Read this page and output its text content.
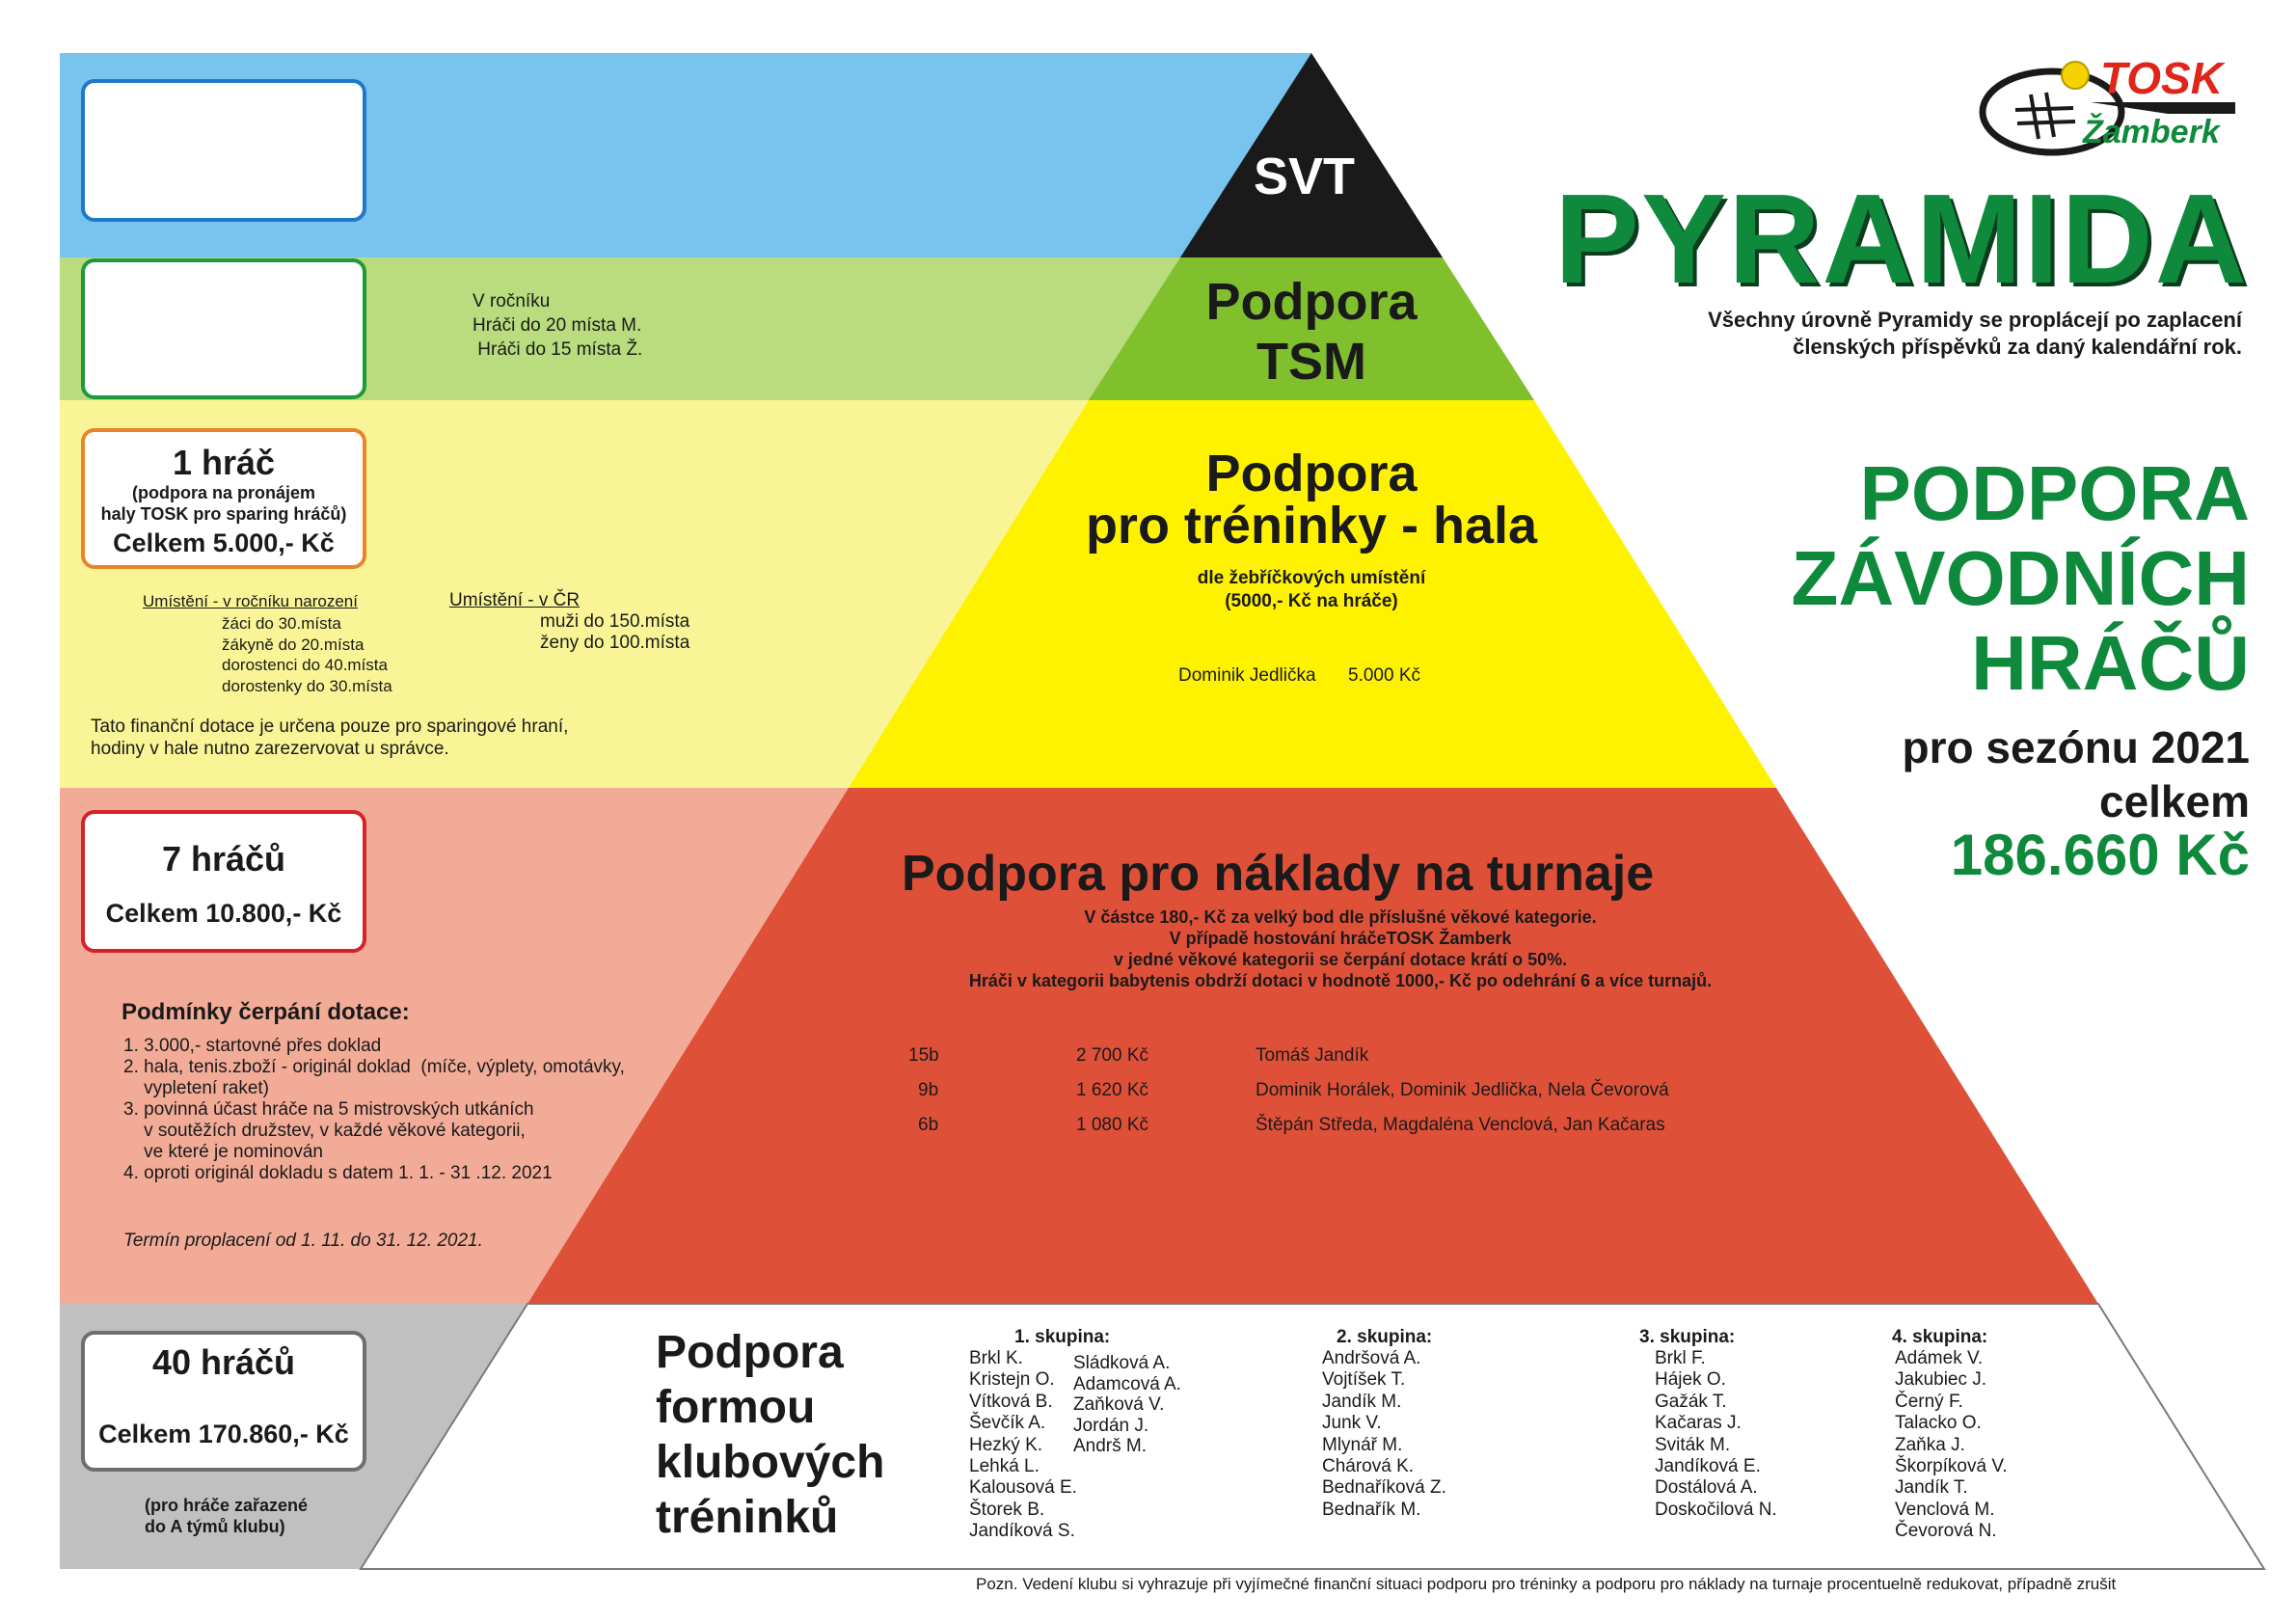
TOSK
Žamberk
PYRAMIDA
Všechny úrovně Pyramidy se proplácejí po zaplacení
členských příspěvků za daný kalendářní rok.
PODPORA
ZÁVODNÍCH
HRÁČŮ
pro sezónu 2021
celkem
186.660 Kč
SVT
Podpora
TSM
Podpora
pro tréninky - hala
dle žebříčkových umístění
(5000,- Kč na hráče)
Dominik Jedlička 5.000 Kč
Podpora pro náklady na turnaje
V částce 180,- Kč za velký bod dle příslušné věkové kategorie.
V případě hostování hráčeTOSK Žamberk
v jedné věkové kategorii se čerpání dotace krátí o 50%.
Hráči v kategorii babytenis obdrží dotaci v hodnotě 1000,- Kč po odehrání 6 a více turnajů.
15b	2 700 Kč	Tomáš Jandík
9b	1 620 Kč	Dominik Horálek, Dominik Jedlička, Nela Čevorová
6b	1 080 Kč	Štěpán Středa, Magdaléna Venclová, Jan Kačaras
Podpora
formou
klubových
tréninků
1. skupina:
Brkl K.
Kristejn O.
Vítková B.
Ševčík A.
Hezký K.
Lehká L.
Kalousová E.
Štorek B.
Jandíková S.
Sládková A.
Adamcová A.
Zaňková V.
Jordán J.
Andrš M.
2. skupina:
Andršová A.
Vojtíšek T.
Jandík M.
Junk V.
Mlynář M.
Chárová K.
Bednaříková Z.
Bednařík M.
3. skupina:
Brkl F.
Hájek O.
Gažák T.
Kačaras J.
Sviták M.
Jandíková E.
Dostálová A.
Doskočilová N.
4. skupina:
Adámek V.
Jakubiec J.
Černý F.
Talacko O.
Zaňka J.
Škorpíková V.
Jandík T.
Venclová M.
Čevorová N.
V ročníku
Hráči do 20 místa M.
Hráči do 15 místa Ž.
1 hráč
(podpora na pronájem
haly TOSK pro sparing hráčů)
Celkem 5.000,- Kč
Umístění - v ročníku narození
žáci do 30.místa
žákyně do 20.místa
dorostenci do 40.místa
dorostenky do 30.místa
Umístění - v ČR
muži do 150.místa
ženy do 100.místa
Tato finanční dotace je určena pouze pro sparingové hraní,
hodiny v hale nutno zarezervovat u správce.
7 hráčů
Celkem 10.800,- Kč
Podmínky čerpání dotace:
1. 3.000,- startovné přes doklad
2. hala, tenis.zboží - originál doklad  (míče, výplety, omotávky,
vypletení raket)
3. povinná účast hráče na 5 mistrovských utkáních
v soutěžích družstev, v každé věkové kategorii,
ve které je nominován
4. oproti originál dokladu s datem 1. 1. - 31 .12. 2021
Termín proplacení od 1. 11. do 31. 12. 2021.
40 hráčů
Celkem 170.860,- Kč
(pro hráče zařazené
do A týmů klubu)
Pozn. Vedení klubu si vyhrazuje při vyjímečné finanční situaci podporu pro tréninky a podporu pro náklady na turnaje procentuelně redukovat, případně zrušit
